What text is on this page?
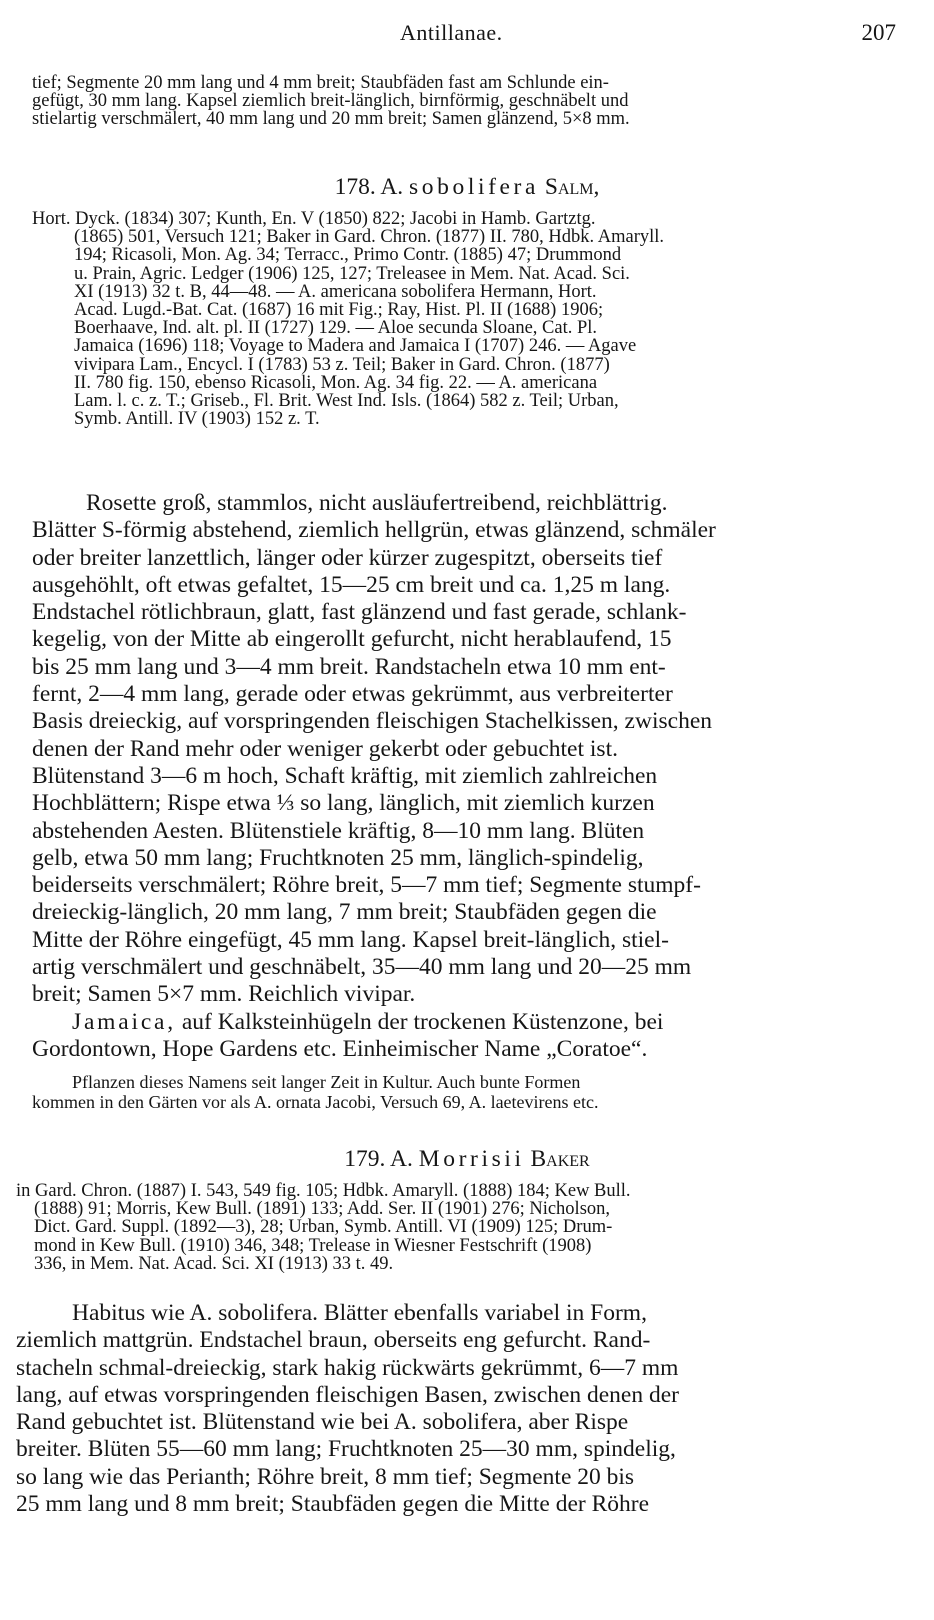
Antillanae.	207
tief; Segmente 20 mm lang und 4 mm breit; Staubfäden fast am Schlunde ein-
gefügt, 30 mm lang. Kapsel ziemlich breit-länglich, birnförmig, geschnäbelt und
stielartig verschmälert, 40 mm lang und 20 mm breit; Samen glänzend, 5×8 mm.
178. A. sobolifera Salm,
Hort. Dyck. (1834) 307; Kunth, En. V (1850) 822; Jacobi in Hamb. Gartztg.
(1865) 501, Versuch 121; Baker in Gard. Chron. (1877) II. 780, Hdbk. Amaryll.
194; Ricasoli, Mon. Ag. 34; Terracc., Primo Contr. (1885) 47; Drummond
u. Prain, Agric. Ledger (1906) 125, 127; Treleasee in Mem. Nat. Acad. Sci.
XI (1913) 32 t. B, 44—48. — A. americana sobolifera Hermann, Hort.
Acad. Lugd.-Bat. Cat. (1687) 16 mit Fig.; Ray, Hist. Pl. II (1688) 1906;
Boerhaave, Ind. alt. pl. II (1727) 129. — Aloe secunda Sloane, Cat. Pl.
Jamaica (1696) 118; Voyage to Madera and Jamaica I (1707) 246. — Agave
vivipara Lam., Encycl. I (1783) 53 z. Teil; Baker in Gard. Chron. (1877)
II. 780 fig. 150, ebenso Ricasoli, Mon. Ag. 34 fig. 22. — A. americana
Lam. l. c. z. T.; Griseb., Fl. Brit. West Ind. Isls. (1864) 582 z. Teil; Urban,
Symb. Antill. IV (1903) 152 z. T.
Rosette groß, stammlos, nicht ausläufertreibend, reichblättrig.
Blätter S-förmig abstehend, ziemlich hellgrün, etwas glänzend, schmäler
oder breiter lanzettlich, länger oder kürzer zugespitzt, oberseits tief
ausgehöhlt, oft etwas gefaltet, 15—25 cm breit und ca. 1,25 m lang.
Endstachel rötlichbraun, glatt, fast glänzend und fast gerade, schlank-
kegelig, von der Mitte ab eingerollt gefurcht, nicht herablaufend, 15
bis 25 mm lang und 3—4 mm breit. Randstacheln etwa 10 mm ent-
fernt, 2—4 mm lang, gerade oder etwas gekrümmt, aus verbreiterter
Basis dreieckig, auf vorspringenden fleischigen Stachelkissen, zwischen
denen der Rand mehr oder weniger gekerbt oder gebuchtet ist.
Blütenstand 3—6 m hoch, Schaft kräftig, mit ziemlich zahlreichen
Hochblättern; Rispe etwa ⅓ so lang, länglich, mit ziemlich kurzen
abstehenden Aesten. Blütenstiele kräftig, 8—10 mm lang. Blüten
gelb, etwa 50 mm lang; Fruchtknoten 25 mm, länglich-spindelig,
beiderseits verschmälert; Röhre breit, 5—7 mm tief; Segmente stumpf-
dreieckig-länglich, 20 mm lang, 7 mm breit; Staubfäden gegen die
Mitte der Röhre eingefügt, 45 mm lang. Kapsel breit-länglich, stiel-
artig verschmälert und geschnäbelt, 35—40 mm lang und 20—25 mm
breit; Samen 5×7 mm. Reichlich vivipar.
Jamaica, auf Kalksteinhügeln der trockenen Küstenzone, bei
Gordontown, Hope Gardens etc. Einheimischer Name „Coratoe“.
Pflanzen dieses Namens seit langer Zeit in Kultur. Auch bunte Formen
kommen in den Gärten vor als A. ornata Jacobi, Versuch 69, A. laetevirens etc.
179. A. Morrisii Baker
in Gard. Chron. (1887) I. 543, 549 fig. 105; Hdbk. Amaryll. (1888) 184; Kew Bull.
(1888) 91; Morris, Kew Bull. (1891) 133; Add. Ser. II (1901) 276; Nicholson,
Dict. Gard. Suppl. (1892—3), 28; Urban, Symb. Antill. VI (1909) 125; Drum-
mond in Kew Bull. (1910) 346, 348; Trelease in Wiesner Festschrift (1908)
336, in Mem. Nat. Acad. Sci. XI (1913) 33 t. 49.
Habitus wie A. sobolifera. Blätter ebenfalls variabel in Form,
ziemlich mattgrün. Endstachel braun, oberseits eng gefurcht. Rand-
stacheln schmal-dreieckig, stark hakig rückwärts gekrümmt, 6—7 mm
lang, auf etwas vorspringenden fleischigen Basen, zwischen denen der
Rand gebuchtet ist. Blütenstand wie bei A. sobolifera, aber Rispe
breiter. Blüten 55—60 mm lang; Fruchtknoten 25—30 mm, spindelig,
so lang wie das Perianth; Röhre breit, 8 mm tief; Segmente 20 bis
25 mm lang und 8 mm breit; Staubfäden gegen die Mitte der Röhre
